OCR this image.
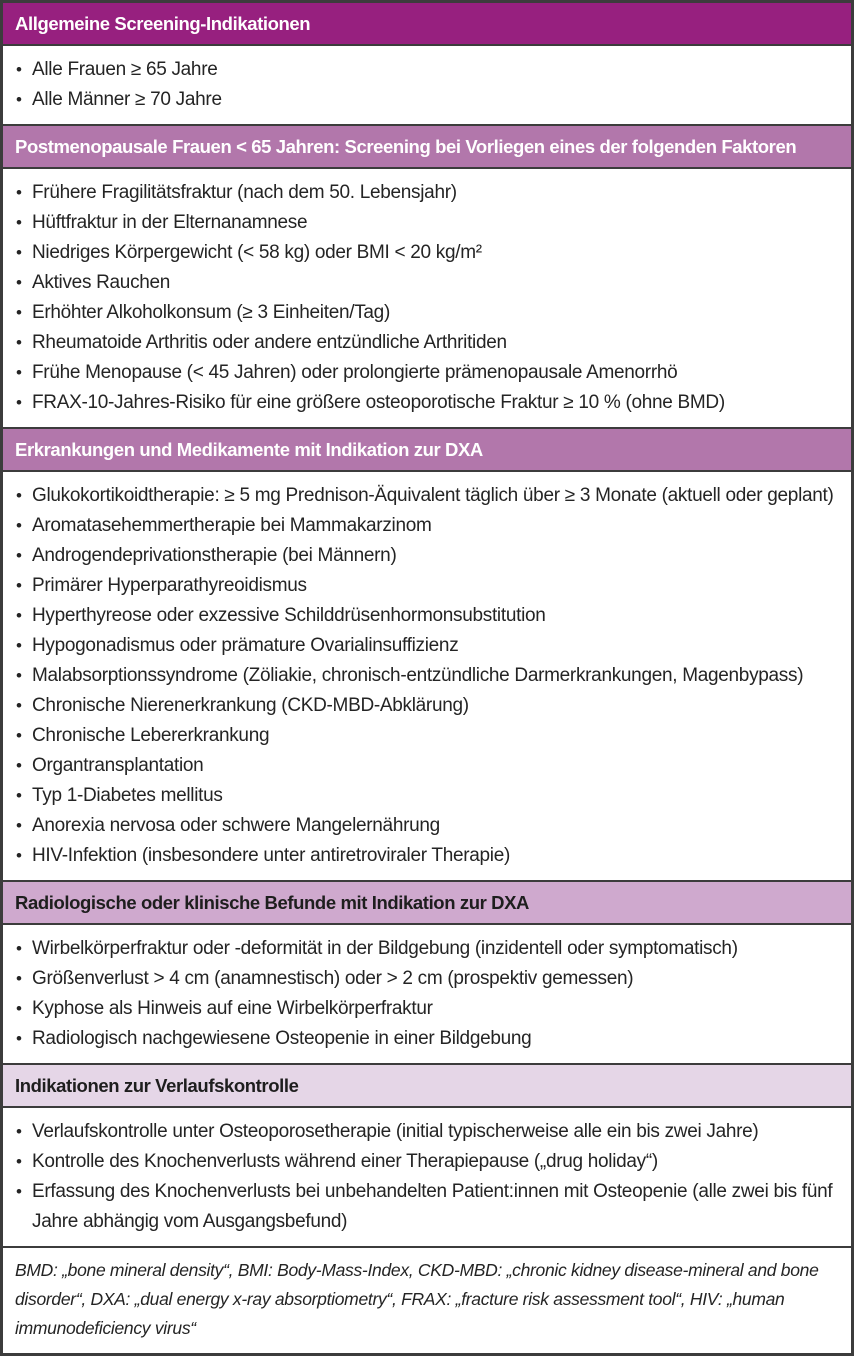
Allgemeine Screening-Indikationen
• Alle Frauen ≥ 65 Jahre
• Alle Männer ≥ 70 Jahre
Postmenopausale Frauen < 65 Jahren: Screening bei Vorliegen eines der folgenden Faktoren
• Frühere Fragilitätsfraktur (nach dem 50. Lebensjahr)
• Hüftfraktur in der Elternanamnese
• Niedriges Körpergewicht (< 58 kg) oder BMI < 20 kg/m²
• Aktives Rauchen
• Erhöhter Alkoholkonsum (≥ 3 Einheiten/Tag)
• Rheumatoide Arthritis oder andere entzündliche Arthritiden
• Frühe Menopause (< 45 Jahren) oder prolongierte prämenopausale Amenorrhö
• FRAX-10-Jahres-Risiko für eine größere osteoporotische Fraktur ≥ 10 % (ohne BMD)
Erkrankungen und Medikamente mit Indikation zur DXA
• Glukokortikoidtherapie: ≥ 5 mg Prednison-Äquivalent täglich über ≥ 3 Monate (aktuell oder geplant)
• Aromatasehemmertherapie bei Mammakarzinom
• Androgendeprivationstherapie (bei Männern)
• Primärer Hyperparathyreoidismus
• Hyperthyreose oder exzessive Schilddrüsenhormonsubstitution
• Hypogonadismus oder prämature Ovarialinsuffizienz
• Malabsorptionssyndrome (Zöliakie, chronisch-entzündliche Darmerkrankungen, Magenbypass)
• Chronische Nierenerkrankung (CKD-MBD-Abklärung)
• Chronische Lebererkrankung
• Organtransplantation
• Typ 1-Diabetes mellitus
• Anorexia nervosa oder schwere Mangelernährung
• HIV-Infektion (insbesondere unter antiretroviraler Therapie)
Radiologische oder klinische Befunde mit Indikation zur DXA
• Wirbelkörperfraktur oder -deformität in der Bildgebung (inzidentell oder symptomatisch)
• Größenverlust > 4 cm (anamnestisch) oder > 2 cm (prospektiv gemessen)
• Kyphose als Hinweis auf eine Wirbelkörperfraktur
• Radiologisch nachgewiesene Osteopenie in einer Bildgebung
Indikationen zur Verlaufskontrolle
• Verlaufskontrolle unter Osteoporosetherapie (initial typischerweise alle ein bis zwei Jahre)
• Kontrolle des Knochenverlusts während einer Therapiepause („drug holiday“)
• Erfassung des Knochenverlusts bei unbehandelten Patient:innen mit Osteopenie (alle zwei bis fünf Jahre abhängig vom Ausgangsbefund)
BMD: „bone mineral density“, BMI: Body-Mass-Index, CKD-MBD: „chronic kidney disease-mineral and bone disorder“, DXA: „dual energy x-ray absorptiometry“, FRAX: „fracture risk assessment tool“, HIV: „human immunodeficiency virus“
